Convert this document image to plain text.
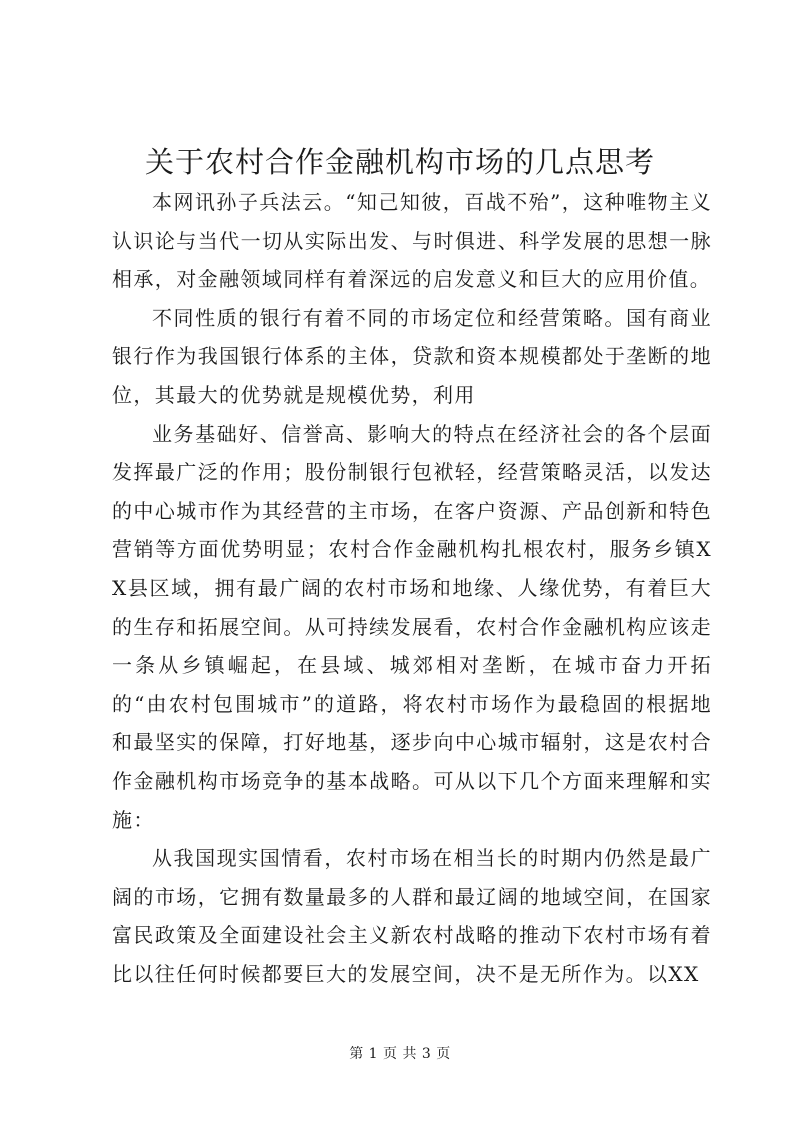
关于农村合作金融机构市场的几点思考

本网讯孙子兵法云。“知己知彼，百战不殆”，这种唯物主义认识论与当代一切从实际出发、与时俱进、科学发展的思想一脉相承，对金融领域同样有着深远的启发意义和巨大的应用价值。

不同性质的银行有着不同的市场定位和经营策略。国有商业银行作为我国银行体系的主体，贷款和资本规模都处于垄断的地位，其最大的优势就是规模优势，利用

业务基础好、信誉高、影响大的特点在经济社会的各个层面发挥最广泛的作用；股份制银行包袱轻，经营策略灵活，以发达的中心城市作为其经营的主市场，在客户资源、产品创新和特色营销等方面优势明显；农村合作金融机构扎根农村，服务乡镇XX县区域，拥有最广阔的农村市场和地缘、人缘优势，有着巨大的生存和拓展空间。从可持续发展看，农村合作金融机构应该走一条从乡镇崛起，在县域、城郊相对垄断，在城市奋力开拓的“由农村包围城市”的道路，将农村市场作为最稳固的根据地和最坚实的保障，打好地基，逐步向中心城市辐射，这是农村合作金融机构市场竞争的基本战略。可从以下几个方面来理解和实施：

从我国现实国情看，农村市场在相当长的时期内仍然是最广阔的市场，它拥有数量最多的人群和最辽阔的地域空间，在国家富民政策及全面建设社会主义新农村战略的推动下农村市场有着比以往任何时候都要巨大的发展空间，决不是无所作为。以XX

第 1 页 共 3 页
